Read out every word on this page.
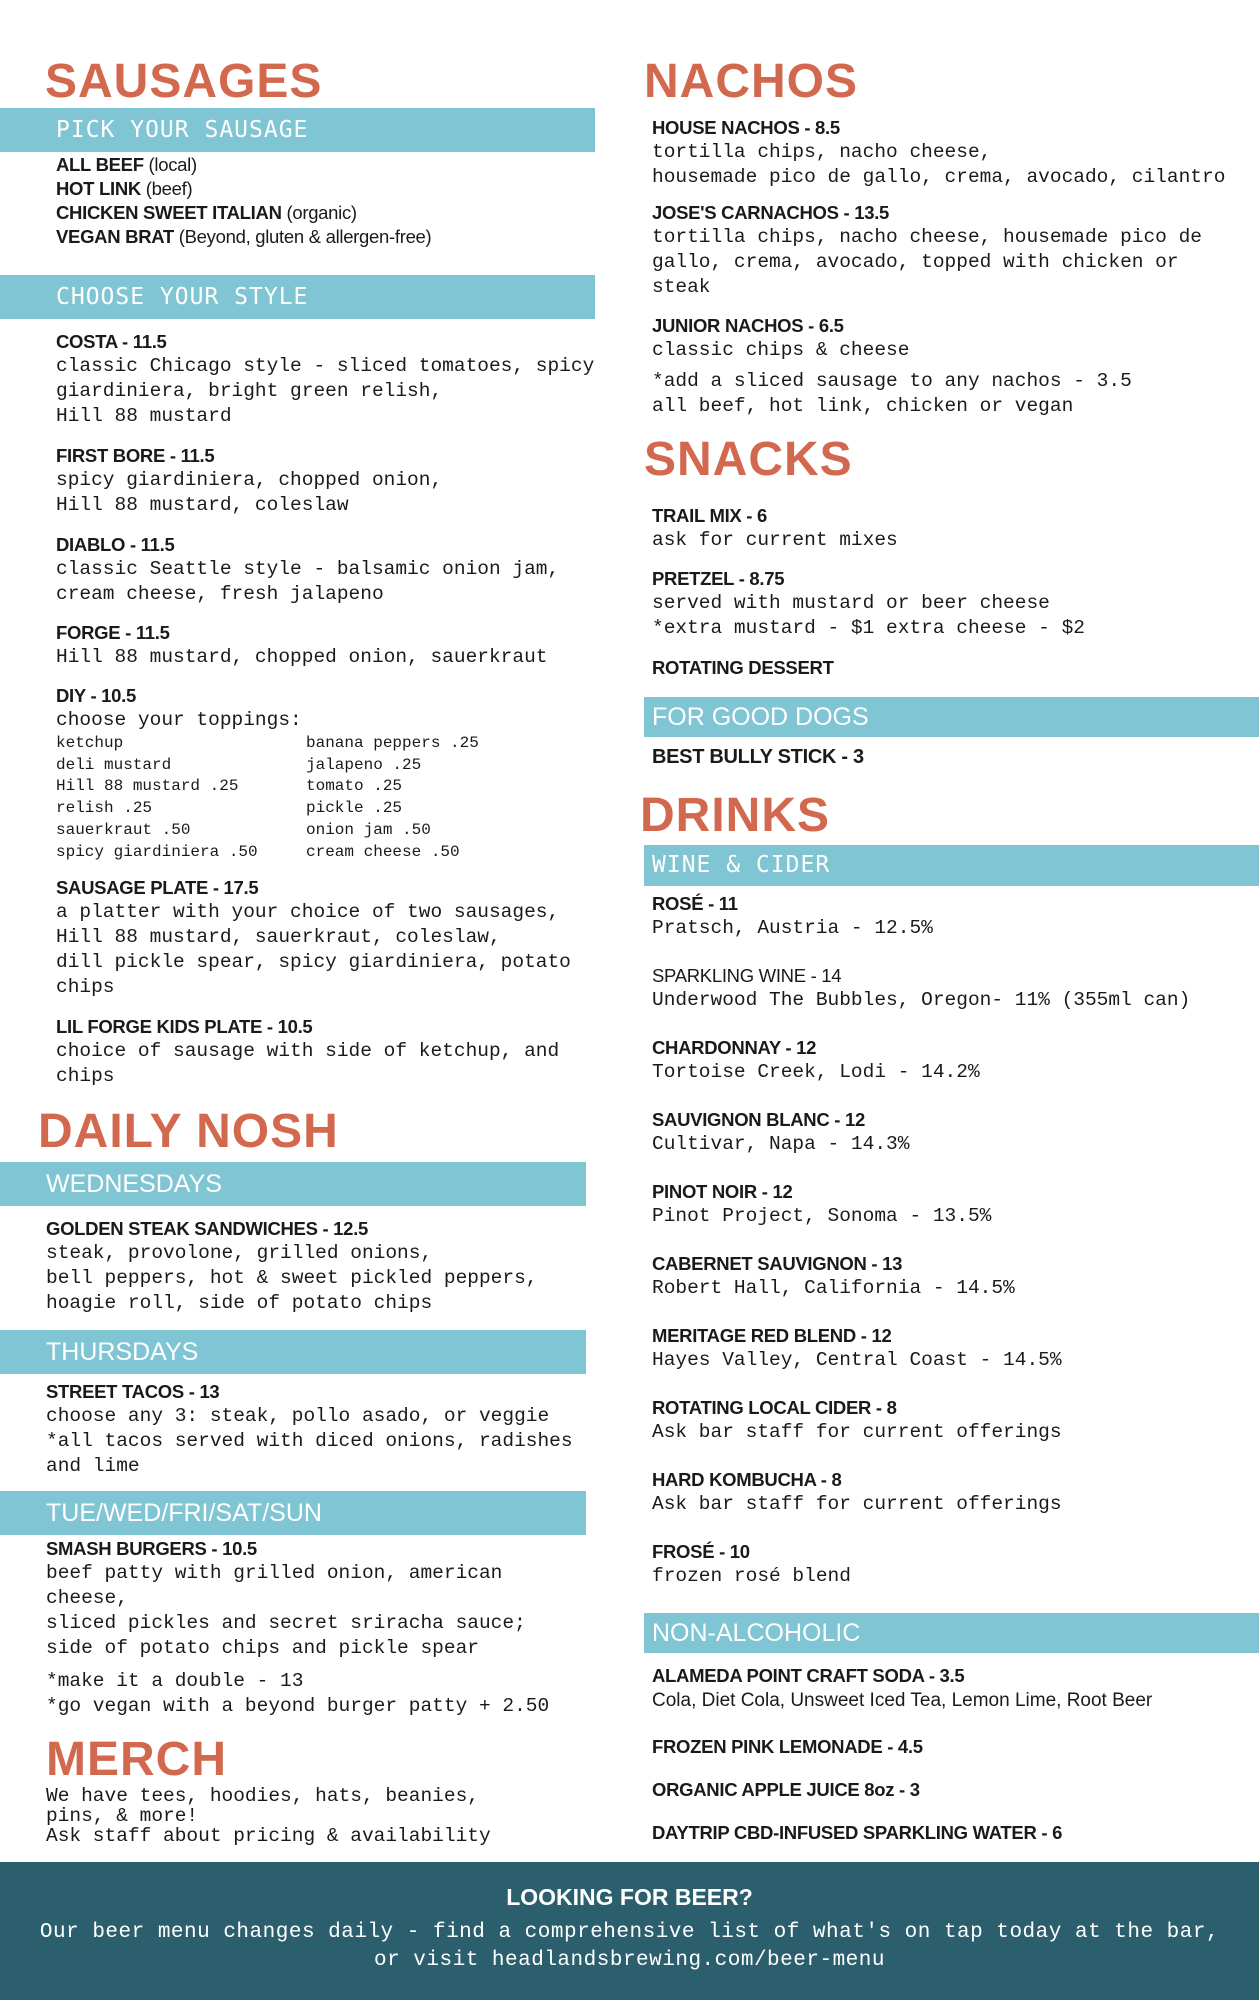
SAUSAGES
PICK YOUR SAUSAGE
ALL BEEF (local)
HOT LINK (beef)
CHICKEN SWEET ITALIAN (organic)
VEGAN BRAT (Beyond, gluten & allergen-free)
CHOOSE YOUR STYLE
COSTA - 11.5
classic Chicago style - sliced tomatoes, spicy
giardiniera, bright green relish,
Hill 88 mustard
FIRST BORE - 11.5
spicy giardiniera, chopped onion,
Hill 88 mustard, coleslaw
DIABLO - 11.5
classic Seattle style - balsamic onion jam,
cream cheese, fresh jalapeno
FORGE - 11.5
Hill 88 mustard, chopped onion, sauerkraut
DIY - 10.5
choose your toppings:
ketchup
deli mustard
Hill 88 mustard .25
relish .25
sauerkraut .50
spicy giardiniera .50
banana peppers .25
jalapeno .25
tomato .25
pickle .25
onion jam .50
cream cheese .50
SAUSAGE PLATE - 17.5
a platter with your choice of two sausages,
Hill 88 mustard, sauerkraut, coleslaw,
dill pickle spear, spicy giardiniera, potato
chips
LIL FORGE KIDS PLATE - 10.5
choice of sausage with side of ketchup, and
chips
DAILY NOSH
WEDNESDAYS
GOLDEN STEAK SANDWICHES - 12.5
steak, provolone, grilled onions,
bell peppers, hot & sweet pickled peppers,
hoagie roll, side of potato chips
THURSDAYS
STREET TACOS - 13
choose any 3: steak, pollo asado, or veggie
*all tacos served with diced onions, radishes
and lime
TUE/WED/FRI/SAT/SUN
SMASH BURGERS - 10.5
beef patty with grilled onion, american
cheese,
sliced pickles and secret sriracha sauce;
side of potato chips and pickle spear
*make it a double - 13
*go vegan with a beyond burger patty + 2.50
MERCH
We have tees, hoodies, hats, beanies,
pins, & more!
Ask staff about pricing & availability
NACHOS
HOUSE NACHOS - 8.5
tortilla chips, nacho cheese,
housemade pico de gallo, crema, avocado, cilantro
JOSE'S CARNACHOS - 13.5
tortilla chips, nacho cheese, housemade pico de
gallo, crema, avocado, topped with chicken or
steak
JUNIOR NACHOS - 6.5
classic chips & cheese
*add a sliced sausage to any nachos - 3.5
all beef, hot link, chicken or vegan
SNACKS
TRAIL MIX - 6
ask for current mixes
PRETZEL - 8.75
served with mustard or beer cheese
*extra mustard - $1 extra cheese - $2
ROTATING DESSERT
FOR GOOD DOGS
BEST BULLY STICK - 3
DRINKS
WINE & CIDER
ROSÉ - 11
Pratsch, Austria - 12.5%
SPARKLING WINE - 14
Underwood The Bubbles, Oregon- 11% (355ml can)
CHARDONNAY - 12
Tortoise Creek, Lodi - 14.2%
SAUVIGNON BLANC - 12
Cultivar, Napa - 14.3%
PINOT NOIR - 12
Pinot Project, Sonoma - 13.5%
CABERNET SAUVIGNON - 13
Robert Hall, California - 14.5%
MERITAGE RED BLEND - 12
Hayes Valley, Central Coast - 14.5%
ROTATING LOCAL CIDER - 8
Ask bar staff for current offerings
HARD KOMBUCHA - 8
Ask bar staff for current offerings
FROSÉ - 10
frozen rosé blend
NON-ALCOHOLIC
ALAMEDA POINT CRAFT SODA - 3.5
Cola, Diet Cola, Unsweet Iced Tea, Lemon Lime, Root Beer
FROZEN PINK LEMONADE - 4.5
ORGANIC APPLE JUICE 8oz - 3
DAYTRIP CBD-INFUSED SPARKLING WATER - 6
LOOKING FOR BEER?
Our beer menu changes daily - find a comprehensive list of what's on tap today at the bar, or visit headlandsbrewing.com/beer-menu
